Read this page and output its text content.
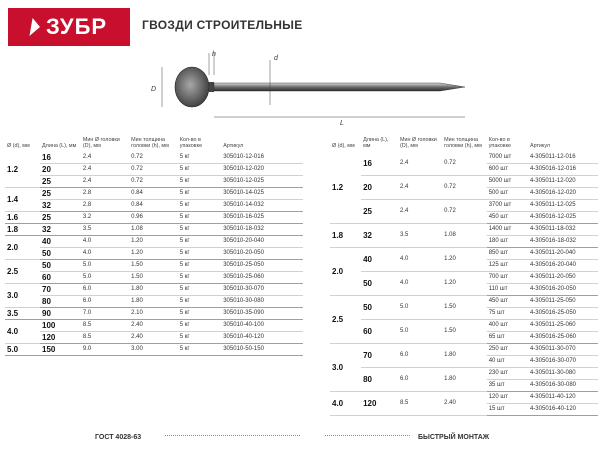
ЗУБР	ГВОЗДИ СТРОИТЕЛЬНЫЕ
h
d
D
L
Ø (d), мм	Длина (L), мм	Мин Ø головки (D), мм	Мин толщина головки (h), мм	Кол-во в упаковке	Артикул
1.2	16	2.4	0.72	5 кг	305010-12-016
	20	2.4	0.72	5 кг	305010-12-020
	25	2.4	0.72	5 кг	305010-12-025
1.4	25	2.8	0.84	5 кг	305010-14-025
	32	2.8	0.84	5 кг	305010-14-032
1.6	25	3.2	0.96	5 кг	305010-16-025
1.8	32	3.5	1.08	5 кг	305010-18-032
2.0	40	4.0	1.20	5 кг	305010-20-040
	50	4.0	1.20	5 кг	305010-20-050
2.5	50	5.0	1.50	5 кг	305010-25-050
	60	5.0	1.50	5 кг	305010-25-060
3.0	70	6.0	1.80	5 кг	305010-30-070
	80	6.0	1.80	5 кг	305010-30-080
3.5	90	7.0	2.10	5 кг	305010-35-090
4.0	100	8.5	2.40	5 кг	305010-40-100
	120	8.5	2.40	5 кг	305010-40-120
5.0	150	9.0	3.00	5 кг	305010-50-150
Ø (d), мм	Длина (L), мм	Мин Ø головки (D), мм	Мин толщина головки (h), мм	Кол-во в упаковке	Артикул
1.2	16	2.4	0.72	7000 шт	4-305011-12-016
				600 шт	4-305016-12-016
	20	2.4	0.72	5000 шт	4-305011-12-020
				500 шт	4-305016-12-020
	25	2.4	0.72	3700 шт	4-305011-12-025
				450 шт	4-305016-12-025
1.8	32	3.5	1.08	1400 шт	4-305011-18-032
				180 шт	4-305016-18-032
2.0	40	4.0	1.20	850 шт	4-305011-20-040
				125 шт	4-305016-20-040
	50	4.0	1.20	700 шт	4-305011-20-050
				110 шт	4-305016-20-050
2.5	50	5.0	1.50	450 шт	4-305011-25-050
				75 шт	4-305016-25-050
	60	5.0	1.50	400 шт	4-305011-25-060
				65 шт	4-305016-25-060
3.0	70	6.0	1.80	250 шт	4-305011-30-070
				40 шт	4-305016-30-070
	80	6.0	1.80	230 шт	4-305011-30-080
				35 шт	4-305016-30-080
4.0	120	8.5	2.40	120 шт	4-305011-40-120
				15 шт	4-305016-40-120
ГОСТ 4028-63	БЫСТРЫЙ МОНТАЖ
